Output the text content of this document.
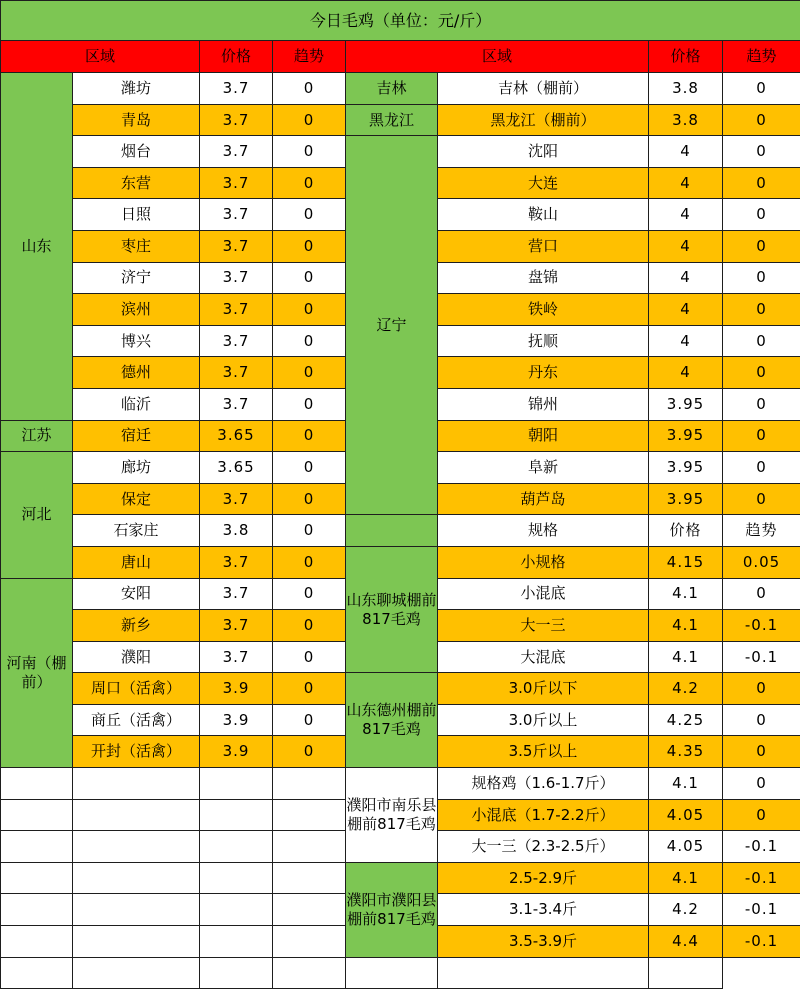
今日毛鸡（单位：元/斤）							
区域		价格	趋势	区域		价格	趋势
山东	潍坊	3.7	0	吉林	吉林（棚前）	3.8	0
	青岛	3.7	0	黑龙江	黑龙江（棚前）	3.8	0
	烟台	3.7	0	辽宁	沈阳	4	0
	东营	3.7	0		大连	4	0
	日照	3.7	0		鞍山	4	0
	枣庄	3.7	0		营口	4	0
	济宁	3.7	0		盘锦	4	0
	滨州	3.7	0		铁岭	4	0
	博兴	3.7	0		抚顺	4	0
	德州	3.7	0		丹东	4	0
	临沂	3.7	0		锦州	3.95	0
江苏	宿迁	3.65	0		朝阳	3.95	0
河北	廊坊	3.65	0		阜新	3.95	0
	保定	3.7	0		葫芦岛	3.95	0
	石家庄	3.8	0		规格	价格	趋势
	唐山	3.7	0	山东聊城棚前817毛鸡	小规格	4.15	0.05
河南（棚前）	安阳	3.7	0		小混底	4.1	0
	新乡	3.7	0		大一三	4.1	-0.1
	濮阳	3.7	0		大混底	4.1	-0.1
	周口（活禽）	3.9	0	山东德州棚前817毛鸡	3.0斤以下	4.2	0
	商丘（活禽）	3.9	0		3.0斤以上	4.25	0
	开封（活禽）	3.9	0		3.5斤以上	4.35	0
				濮阳市南乐县棚前817毛鸡	规格鸡（1.6-1.7斤）	4.1	0
					小混底（1.7-2.2斤）	4.05	0
					大一三（2.3-2.5斤）	4.05	-0.1
				濮阳市濮阳县棚前817毛鸡	2.5-2.9斤	4.1	-0.1
					3.1-3.4斤	4.2	-0.1
					3.5-3.9斤	4.4	-0.1
